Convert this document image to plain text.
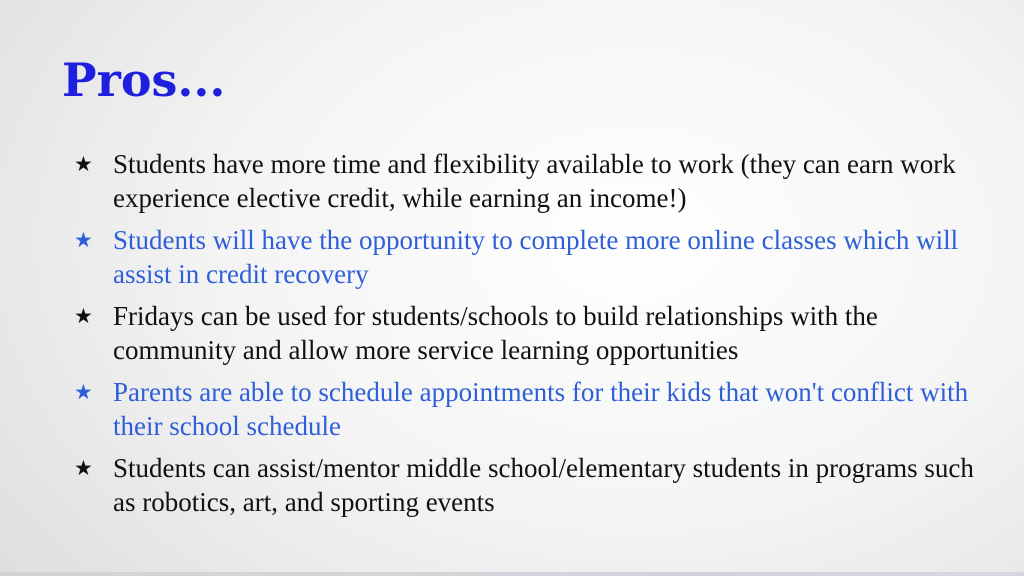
Pros...
★ Students have more time and flexibility available to work (they can earn work experience elective credit, while earning an income!)
★ Students will have the opportunity to complete more online classes which will assist in credit recovery
★ Fridays can be used for students/schools to build relationships with the community and allow more service learning opportunities
★ Parents are able to schedule appointments for their kids that won't conflict with their school schedule
★ Students can assist/mentor middle school/elementary students in programs such as robotics, art, and sporting events
